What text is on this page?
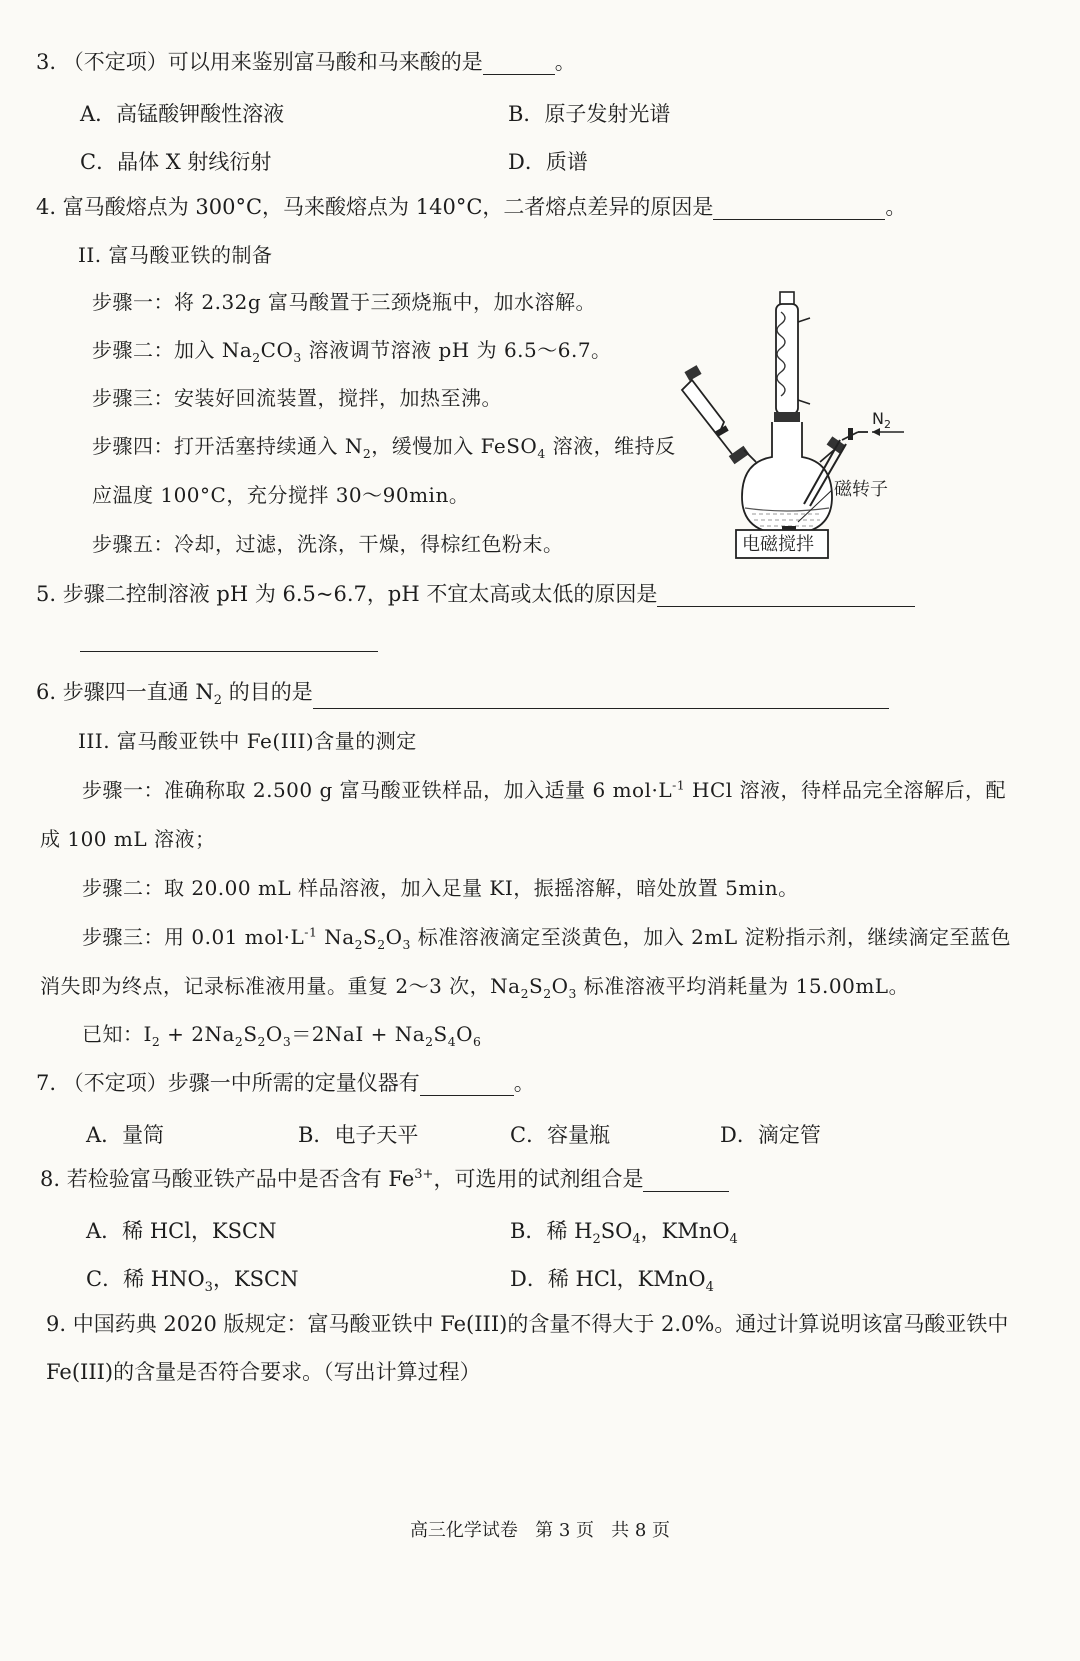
3. （不定项）可以用来鉴别富马酸和马来酸的是	。
A．高锰酸钾酸性溶液	B．原子发射光谱
C．晶体 X 射线衍射	D．质谱
4. 富马酸熔点为 300°C，马来酸熔点为 140°C，二者熔点差异的原因是	。
II. 富马酸亚铁的制备
步骤一：将 2.32g 富马酸置于三颈烧瓶中，加水溶解。
步骤二：加入 $Na_2CO_3$ 溶液调节溶液 pH 为 6.5～6.7。
步骤三：安装好回流装置，搅拌，加热至沸。
步骤四：打开活塞持续通入 $N_2$，缓慢加入 FeSO$_4$ 溶液，维持反
应温度 100°C，充分搅拌 30～90min。
步骤五：冷却，过滤，洗涤，干燥，得棕红色粉末。
$N_2$
磁转子
电磁搅拌
5. 步骤二控制溶液 pH 为 6.5~6.7，pH 不宜太高或太低的原因是
6. 步骤四一直通 $N_2$ 的目的是
III. 富马酸亚铁中 Fe(III)含量的测定
步骤一：准确称取 2.500 g 富马酸亚铁样品，加入适量 6 $mol\cdot L^{-1}$ HCl 溶液，待样品完全溶解后，配
成 100 mL 溶液；
步骤二：取 20.00 mL 样品溶液，加入足量 KI，振摇溶解，暗处放置 5min。
步骤三：用 0.01 $mol\cdot L^{-1}$ $Na_2S_2O_3$ 标准溶液滴定至淡黄色，加入 2mL 淀粉指示剂，继续滴定至蓝色
消失即为终点，记录标准液用量。重复 2～3 次，$Na_2S_2O_3$ 标准溶液平均消耗量为 15.00mL。
已知：$I_2 + 2Na_2S_2O_3=2NaI + Na_2S_4O_6$
7. （不定项）步骤一中所需的定量仪器有	。
A．量筒	B．电子天平	C．容量瓶	D．滴定管
8. 若检验富马酸亚铁产品中是否含有 $Fe^{3+}$，可选用的试剂组合是
A．稀 HCl，KSCN	B．稀 $H_2SO_4$，KMnO$_4$
C．稀 $HNO_3$，KSCN	D．稀 HCl，KMnO$_4$
9. 中国药典 2020 版规定：富马酸亚铁中 Fe(III)的含量不得大于 2.0%。通过计算说明该富马酸亚铁中
Fe(III)的含量是否符合要求。（写出计算过程）
高三化学试卷   第 3 页   共 8 页
